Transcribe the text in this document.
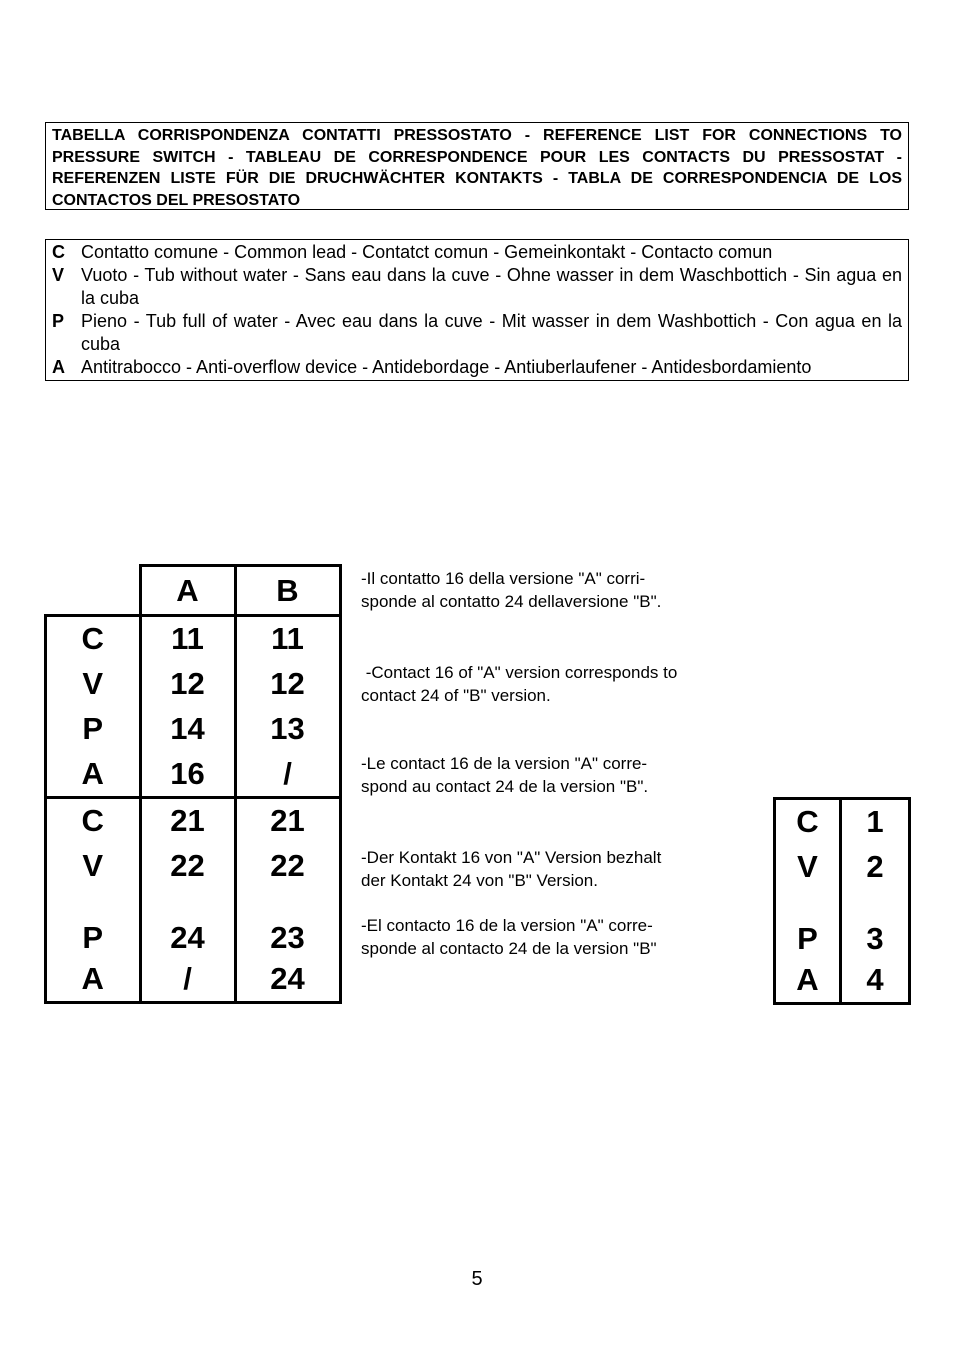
TABELLA CORRISPONDENZA CONTATTI PRESSOSTATO - REFERENCE LIST FOR CONNECTIONS TO PRESSURE SWITCH - TABLEAU DE CORRESPONDENCE POUR LES CONTACTS DU PRESSOSTAT - REFERENZEN LISTE FÜR DIE DRUCHWÄCHTER KONTAKTS - TABLA DE CORRESPONDENCIA DE LOS CONTACTOS DEL PRESOSTATO

C Contatto comune - Common lead - Contatct comun - Gemeinkontakt - Contacto comun
V Vuoto - Tub without water - Sans eau dans la cuve - Ohne wasser in dem Waschbottich - Sin agua en la cuba
P Pieno - Tub full of water - Avec eau dans la cuve - Mit wasser in dem Washbottich - Con agua en la cuba
A Antitrabocco - Anti-overflow device - Antidebordage - Antiuberlaufener - Antidesbordamiento
	A	B
C	11	11
V	12	12
P	14	13
A	16	/
C	21	21
V	22	22
P	24	23
A	/	24

-Il contatto 16 della versione "A" corri-
sponde al contatto 24 dellaversione "B".

-Contact 16 of "A" version corresponds to
contact 24 of "B" version.

-Le contact 16 de la version "A" corre-
spond au contact 24 de la version "B".

-Der Kontakt 16 von "A" Version bezhalt
der Kontakt 24 von "B" Version.

-El contacto 16 de la version "A" corre-
sponde al contacto 24 de la version "B"

C	1
V	2
P	3
A	4
5
